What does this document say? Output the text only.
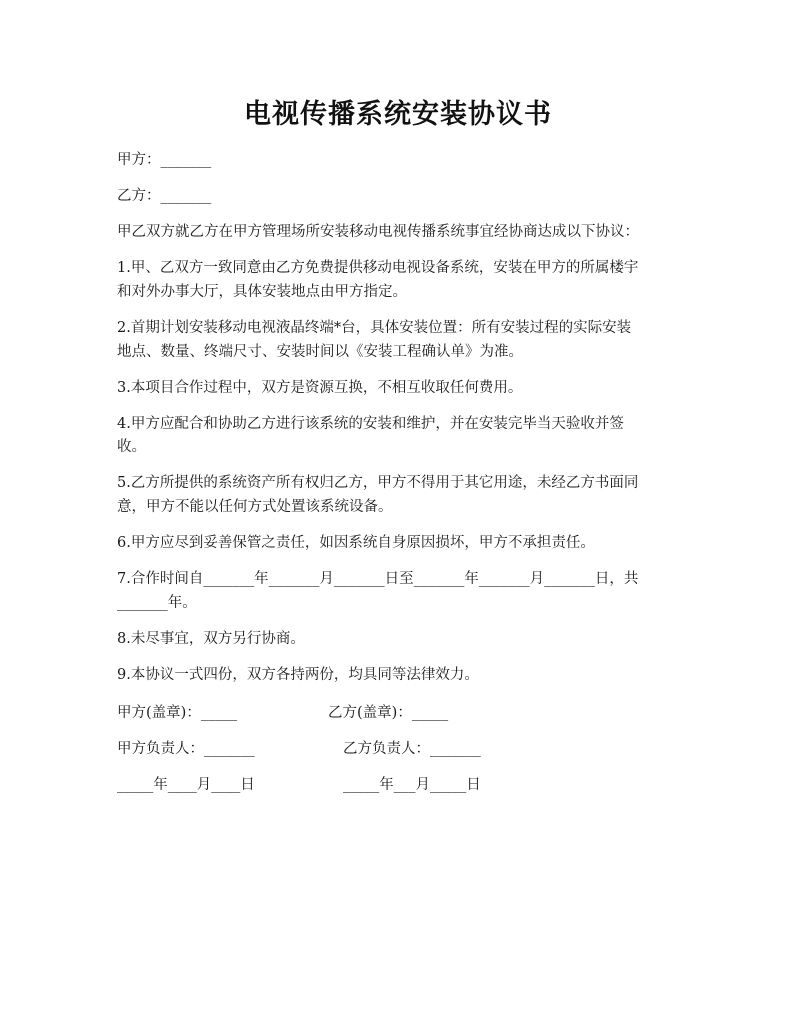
电视传播系统安装协议书
甲方：_______
乙方：_______
甲乙双方就乙方在甲方管理场所安装移动电视传播系统事宜经协商达成以下协议：
1.甲、乙双方一致同意由乙方免费提供移动电视设备系统，安装在甲方的所属楼宇
和对外办事大厅，具体安装地点由甲方指定。
2.首期计划安装移动电视液晶终端*台，具体安装位置：所有安装过程的实际安装
地点、数量、终端尺寸、安装时间以《安装工程确认单》为准。
3.本项目合作过程中，双方是资源互换，不相互收取任何费用。
4.甲方应配合和协助乙方进行该系统的安装和维护，并在安装完毕当天验收并签
收。
5.乙方所提供的系统资产所有权归乙方，甲方不得用于其它用途，未经乙方书面同
意，甲方不能以任何方式处置该系统设备。
6.甲方应尽到妥善保管之责任，如因系统自身原因损坏，甲方不承担责任。
7.合作时间自_______年_______月_______日至_______年_______月_______日，共
_______年。
8.未尽事宜，双方另行协商。
9.本协议一式四份，双方各持两份，均具同等法律效力。
甲方(盖章)：_____	乙方(盖章)：_____
甲方负责人：_______	乙方负责人：_______
_____年____月____日	_____年___月_____日
